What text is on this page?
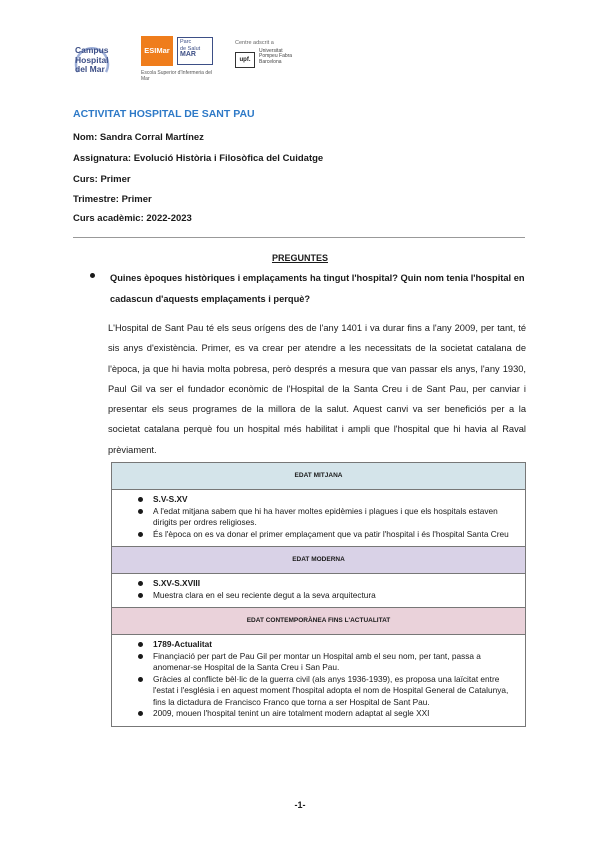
Campus Hospital del Mar
ESIMar
Parc
de Salut
MAR
Escola Superior d'Infermeria del Mar
Centre adscrit a
upf.Universitat Pompeu Fabra Barcelona
ACTIVITAT HOSPITAL DE SANT PAU
Nom: Sandra Corral Martínez
Assignatura: Evolució Història i Filosòfica del Cuidatge
Curs: Primer
Trimestre: Primer
Curs acadèmic: 2022-2023
PREGUNTES
Quines èpoques històriques i emplaçaments ha tingut l'hospital? Quin nom tenia l'hospital en cadascun d'aquests emplaçaments i perquè?
L'Hospital de Sant Pau té els seus orígens des de l'any 1401 i va durar fins a l'any 2009, per tant, té sis anys d'existència. Primer, es va crear per atendre a les necessitats de la societat catalana de l'època, ja que hi havia molta pobresa, però després a mesura que van passar els anys, l'any 1930, Paul Gil va ser el fundador econòmic de l'Hospital de la Santa Creu i de Sant Pau, per canviar i presentar els seus programes de la millora de la salut. Aquest canvi va ser beneficiós per a la societat catalana perquè fou un hospital més habilitat i ampli que l'hospital que hi havia al Raval prèviament.
EDAT MITJANA
S.V-S.XV
A l'edat mitjana sabem que hi ha haver moltes epidèmies i plagues i que els hospitals estaven dirigits per ordres religioses.
És l'època on es va donar el primer emplaçament que va patir l'hospital i és l'hospital Santa Creu
EDAT MODERNA
S.XV-S.XVIII
Muestra clara en el seu reciente degut a la seva arquitectura
EDAT CONTEMPORÀNEA FINS L'ACTUALITAT
1789-Actualitat
Finançiació per part de Pau Gil per montar un Hospital amb el seu nom, per tant, passa a anomenar-se Hospital de la Santa Creu i San Pau.
Gràcies al conflicte bèl·lic de la guerra civil (als anys 1936-1939), es proposa una laïcitat entre l'estat i l'església i en aquest moment l'hospital adopta el nom de Hospital General de Catalunya, fins la dictadura de Francisco Franco que torna a ser Hospital de Sant Pau.
2009, mouen l'hospital tenint un aire totalment modern adaptat al segle XXI
-1-
